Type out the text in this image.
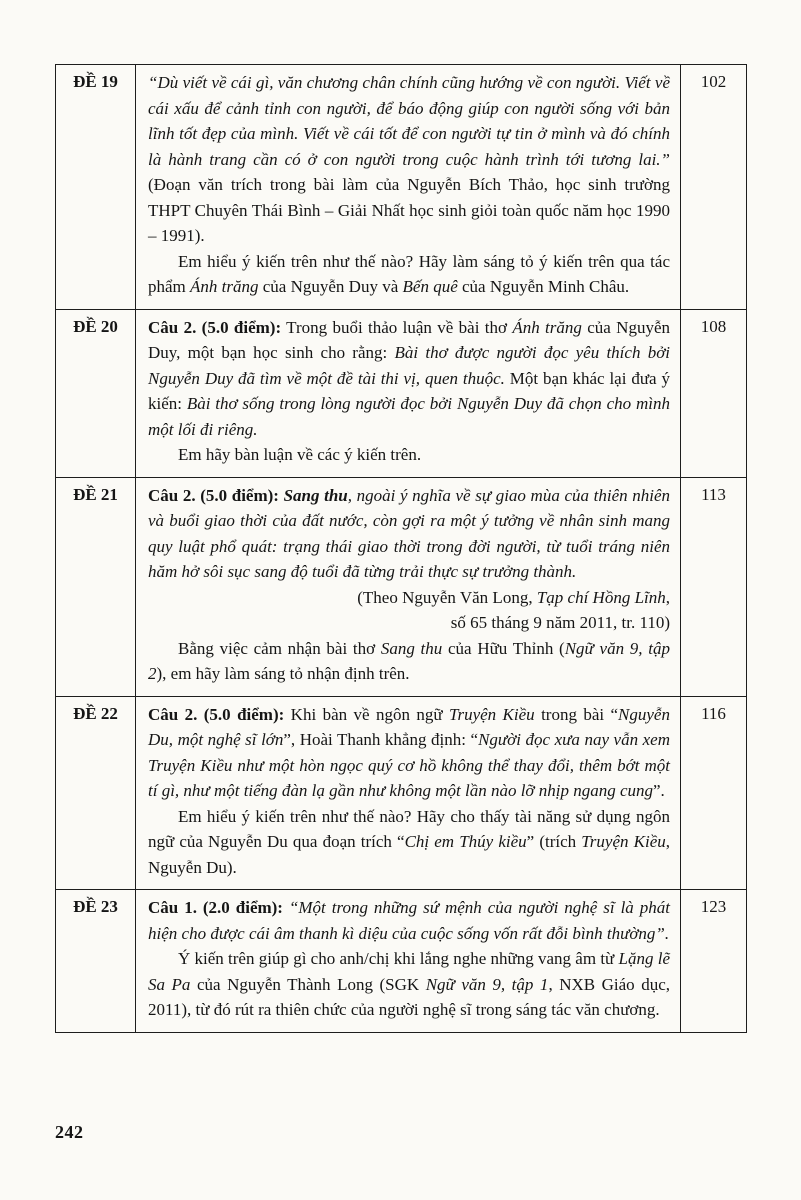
ĐỀ 19	“Dù viết về cái gì, văn chương chân chính cũng hướng về con người. Viết về cái xấu để cảnh tỉnh con người, để báo động giúp con người sống với bản lĩnh tốt đẹp của mình. Viết về cái tốt để con người tự tin ở mình và đó chính là hành trang cần có ở con người trong cuộc hành trình tới tương lai.” (Đoạn văn trích trong bài làm của Nguyễn Bích Thảo, học sinh trường THPT Chuyên Thái Bình – Giải Nhất học sinh giỏi toàn quốc năm học 1990 – 1991).

Em hiểu ý kiến trên như thế nào? Hãy làm sáng tỏ ý kiến trên qua tác phẩm Ánh trăng của Nguyễn Duy và Bến quê của Nguyễn Minh Châu.	102
ĐỀ 20	Câu 2. (5.0 điểm): Trong buổi thảo luận về bài thơ Ánh trăng của Nguyễn Duy, một bạn học sinh cho rằng: Bài thơ được người đọc yêu thích bởi Nguyễn Duy đã tìm về một đề tài thi vị, quen thuộc. Một bạn khác lại đưa ý kiến: Bài thơ sống trong lòng người đọc bởi Nguyễn Duy đã chọn cho mình một lối đi riêng.

Em hãy bàn luận về các ý kiến trên.	108
ĐỀ 21	Câu 2. (5.0 điểm): Sang thu, ngoài ý nghĩa về sự giao mùa của thiên nhiên và buổi giao thời của đất nước, còn gợi ra một ý tưởng về nhân sinh mang quy luật phổ quát: trạng thái giao thời trong đời người, từ tuổi tráng niên hăm hở sôi sục sang độ tuổi đã từng trải thực sự trưởng thành.

(Theo Nguyễn Văn Long, Tạp chí Hồng Lĩnh,

số 65 tháng 9 năm 2011, tr. 110)

Bằng việc cảm nhận bài thơ Sang thu của Hữu Thỉnh (Ngữ văn 9, tập 2), em hãy làm sáng tỏ nhận định trên.	113
ĐỀ 22	Câu 2. (5.0 điểm): Khi bàn về ngôn ngữ Truyện Kiều trong bài “Nguyễn Du, một nghệ sĩ lớn”, Hoài Thanh khẳng định: “Người đọc xưa nay vẫn xem Truyện Kiều như một hòn ngọc quý cơ hồ không thể thay đổi, thêm bớt một tí gì, như một tiếng đàn lạ gần như không một lần nào lỡ nhịp ngang cung”.

Em hiểu ý kiến trên như thế nào? Hãy cho thấy tài năng sử dụng ngôn ngữ của Nguyễn Du qua đoạn trích “Chị em Thúy kiều” (trích Truyện Kiều, Nguyễn Du).	116
ĐỀ 23	Câu 1. (2.0 điểm): “Một trong những sứ mệnh của người nghệ sĩ là phát hiện cho được cái âm thanh kì diệu của cuộc sống vốn rất đỗi bình thường”.

Ý kiến trên giúp gì cho anh/chị khi lắng nghe những vang âm từ Lặng lẽ Sa Pa của Nguyễn Thành Long (SGK Ngữ văn 9, tập 1, NXB Giáo dục, 2011), từ đó rút ra thiên chức của người nghệ sĩ trong sáng tác văn chương.	123
242
